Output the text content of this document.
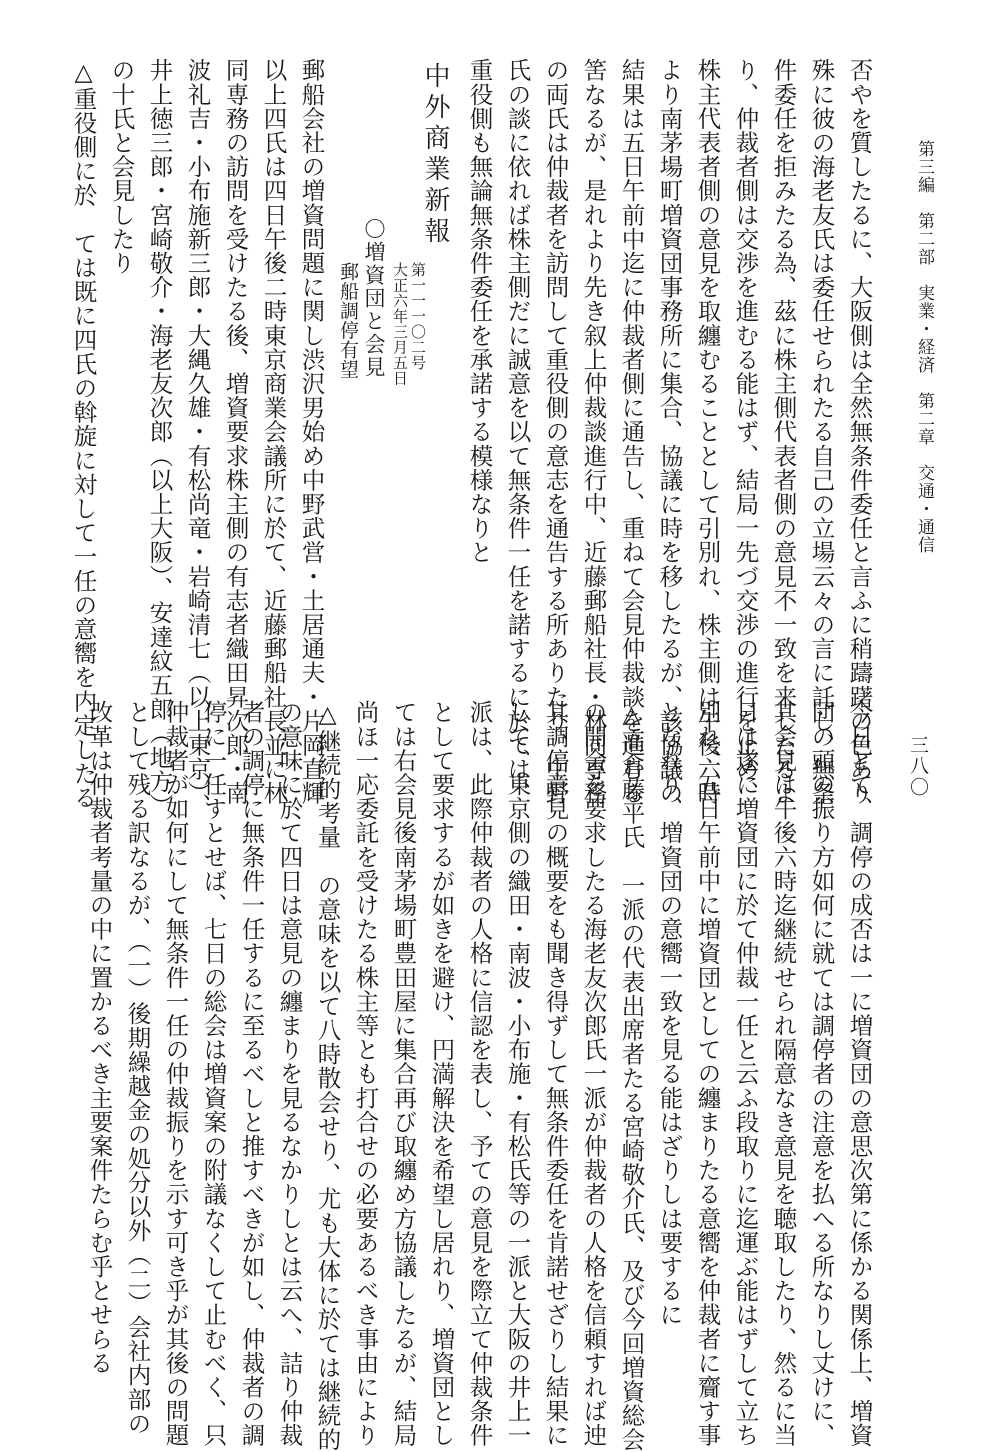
第三編　第二部　実業・経済　第二章　交通・通信
三八〇
否やを質したるに、大阪側は全然無条件委任と言ふに稍躊躇の色あり
殊に彼の海老友氏は委任せられたる自己の立場云々の言に託し、無条
件委任を拒みたる為、茲に株主側代表者側の意見不一致を来したるよ
り、仲裁者側は交渉を進むる能はず、結局一先づ交渉の進行を止め、
株主代表者側の意見を取纏むることとして引別れ、株主側は午後六時
より南茅場町増資団事務所に集合、協議に時を移したるが、該協議の
結果は五日午前中迄に仲裁者側に通告し、重ねて会見仲裁談を進むる
筈なるが、是れより先き叙上仲裁談進行中、近藤郵船社長・林同専務
の両氏は仲裁者を訪問して重役側の意志を通告する所ありたり、中野
氏の談に依れば株主側だに誠意を以て無条件一任を諾するに於ては、
重役側も無論無条件委任を承諾する模様なりと
中外商業新報
第一一一〇二号
大正六年三月五日
〇増資団と会見
郵船調停有望
郵船会社の増資問題に関し渋沢男始め中野武営・土居通夫・片岡直輝
以上四氏は四日午後二時東京商業会議所に於て、近藤郵船社長並に林
同専務の訪問を受けたる後、増資要求株主側の有志者織田昇次郎・南
波礼吉・小布施新三郎・大縄久雄・有松尚竜・岩崎清七（以上東京）、
井上徳三郎・宮崎敬介・海老友次郎（以上大阪）、安達紋五郎（地方）
の十氏と会見したり
△重役側に於　ては既に四氏の斡旋に対して一任の意嚮を内定したる
今日とて、調停の成否は一に増資団の意思次第に係かる関係上、増資
団の頭の振り方如何に就ては調停者の注意を払へる所なりし丈けに、
其会見は午後六時迄継続せられ隔意なき意見を聴取したり、然るに当
日は遂に増資団に於て仲裁一任と云ふ段取りに迄運ぶ能はずして立ち
別れ、五日午前中に増資団としての纏まりたる意嚮を仲裁者に齎す事
となれり、増資団の意嚮一致を見る能はざりしは要するに
△高倉藤平氏　一派の代表出席者たる宮崎敬介氏、及び今回増資総会
の開会を要求したる海老友次郎氏一派が仲裁者の人格を信頼すれば迚
其調停意見の概要をも聞き得ずして無条件委任を肯諾せざりし結果に
して、東京側の織田・南波・小布施・有松氏等の一派と大阪の井上一
派は、此際仲裁者の人格に信認を表し、予ての意見を際立て仲裁条件
として要求するが如きを避け、円満解決を希望し居れり、増資団とし
ては右会見後南茅場町豊田屋に集合再び取纏め方協議したるが、結局
尚ほ一応委託を受けたる株主等とも打合せの必要あるべき事由により
△継続的考量　の意味を以て八時散会せり、尤も大体に於ては継続的
の意味に於て四日は意見の纏まりを見るなかりしとは云へ、詰り仲裁
者の調停に無条件一任するに至るべしと推すべきが如し、仲裁者の調
停に一任すとせば、七日の総会は増資案の附議なくして止むべく、只
仲裁者が如何にして無条件一任の仲裁振りを示す可き乎が其後の問題
として残る訳なるが、（一）後期繰越金の処分以外（二）会社内部の
改革は仲裁者考量の中に置かるべき主要案件たらむ乎とせらる
